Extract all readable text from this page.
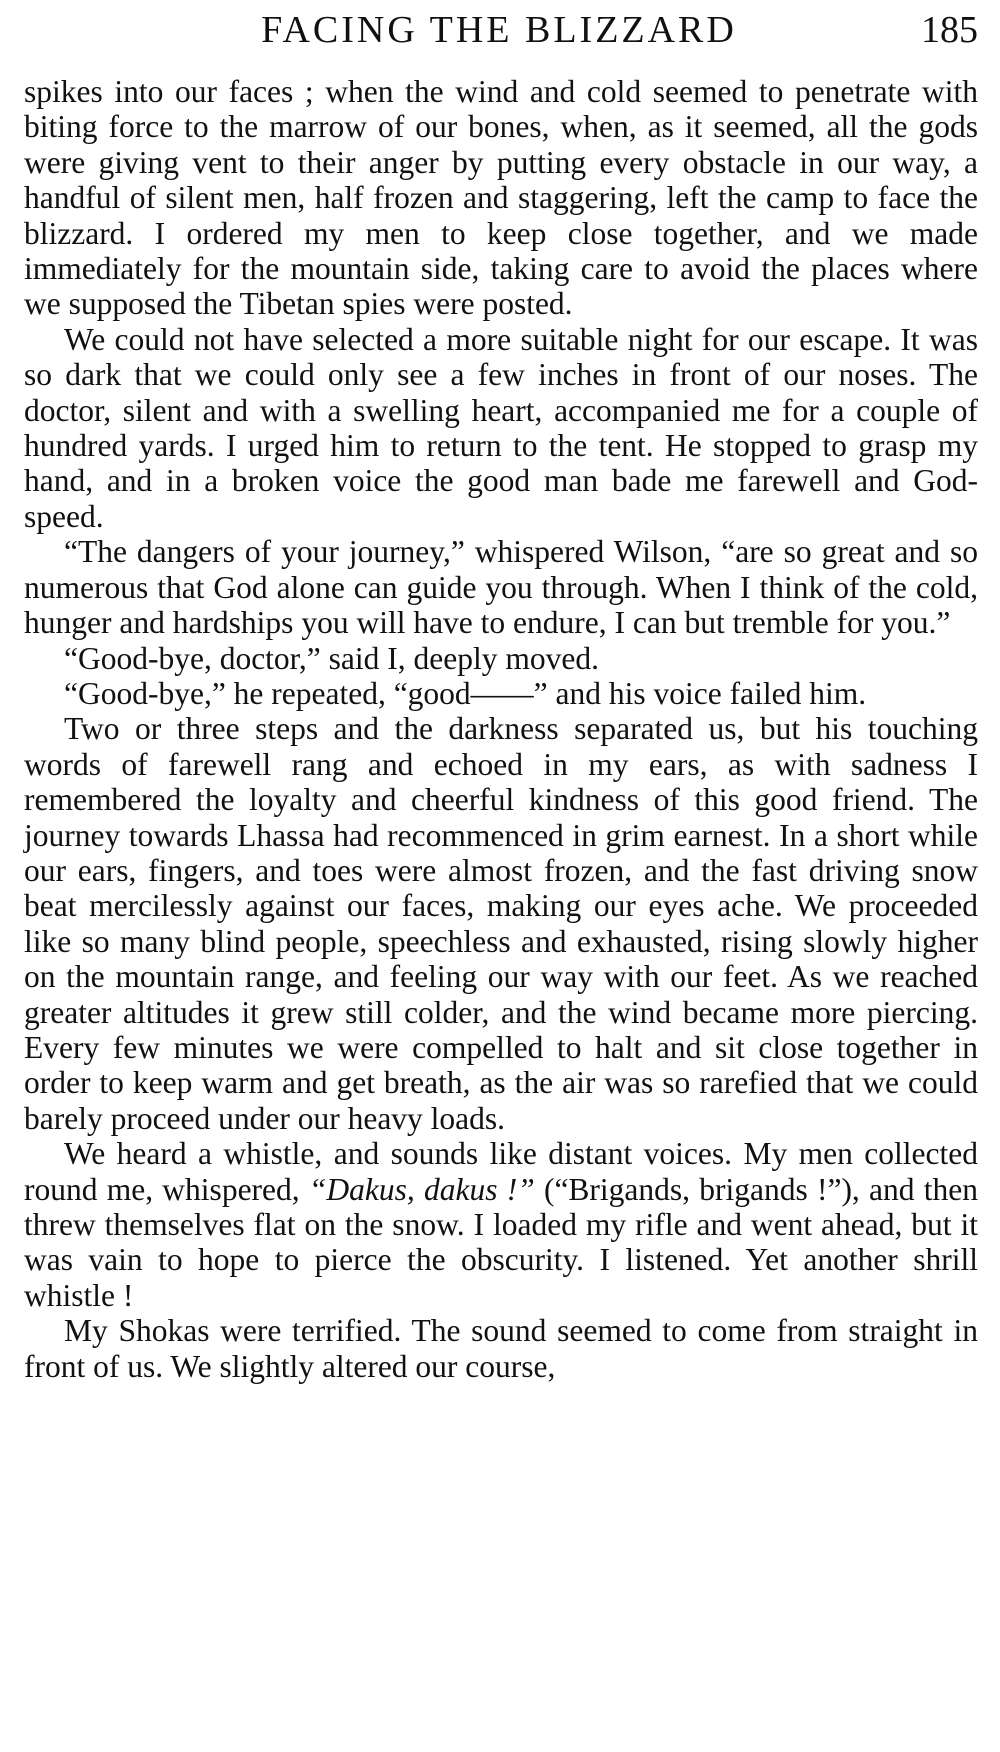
FACING THE BLIZZARD	185

spikes into our faces ; when the wind and cold seemed to penetrate with biting force to the marrow of our bones, when, as it seemed, all the gods were giving vent to their anger by putting every obstacle in our way, a handful of silent men, half frozen and staggering, left the camp to face the blizzard. I ordered my men to keep close together, and we made immediately for the mountain side, taking care to avoid the places where we supposed the Tibetan spies were posted.

We could not have selected a more suitable night for our escape. It was so dark that we could only see a few inches in front of our noses. The doctor, silent and with a swelling heart, accompanied me for a couple of hundred yards. I urged him to return to the tent. He stopped to grasp my hand, and in a broken voice the good man bade me farewell and God-speed.

“The dangers of your journey,” whispered Wilson, “are so great and so numerous that God alone can guide you through. When I think of the cold, hunger and hardships you will have to endure, I can but tremble for you.”

“Good-bye, doctor,” said I, deeply moved.

“Good-bye,” he repeated, “good——” and his voice failed him.

Two or three steps and the darkness separated us, but his touching words of farewell rang and echoed in my ears, as with sadness I remembered the loyalty and cheerful kindness of this good friend. The journey towards Lhassa had recommenced in grim earnest. In a short while our ears, fingers, and toes were almost frozen, and the fast driving snow beat mercilessly against our faces, making our eyes ache. We proceeded like so many blind people, speechless and exhausted, rising slowly higher on the mountain range, and feeling our way with our feet. As we reached greater altitudes it grew still colder, and the wind became more piercing. Every few minutes we were compelled to halt and sit close together in order to keep warm and get breath, as the air was so rarefied that we could barely proceed under our heavy loads.

We heard a whistle, and sounds like distant voices. My men collected round me, whispered, “Dakus, dakus !” (“Brigands, brigands !”), and then threw themselves flat on the snow. I loaded my rifle and went ahead, but it was vain to hope to pierce the obscurity. I listened. Yet another shrill whistle !

My Shokas were terrified. The sound seemed to come from straight in front of us. We slightly altered our course,
